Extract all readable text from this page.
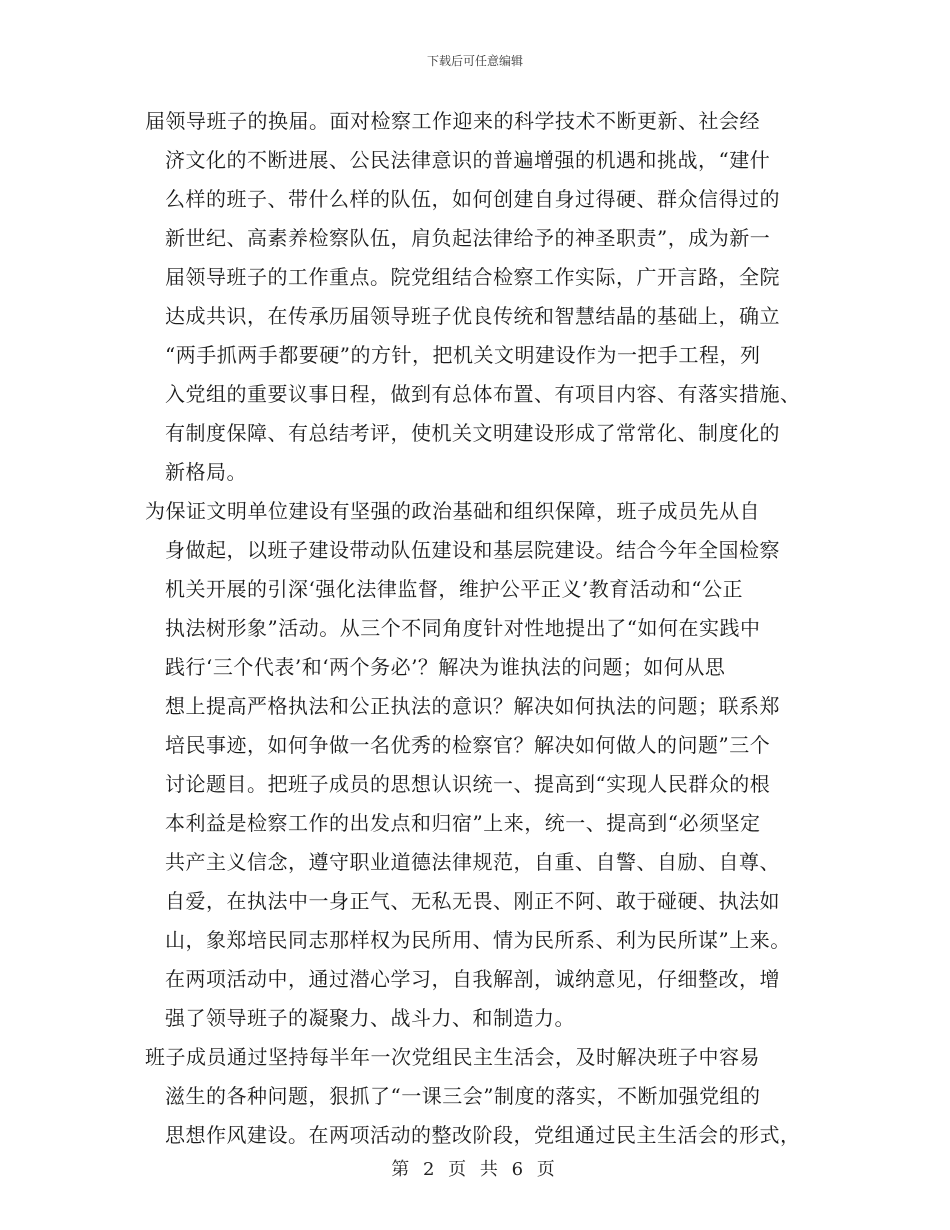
下载后可任意编辑
届领导班子的换届。面对检察工作迎来的科学技术不断更新、社会经
济文化的不断进展、公民法律意识的普遍增强的机遇和挑战，“建什
么样的班子、带什么样的队伍，如何创建自身过得硬、群众信得过的
新世纪、高素养检察队伍，肩负起法律给予的神圣职责”，成为新一
届领导班子的工作重点。院党组结合检察工作实际，广开言路，全院
达成共识，在传承历届领导班子优良传统和智慧结晶的基础上，确立
“两手抓两手都要硬”的方针，把机关文明建设作为一把手工程，列
入党组的重要议事日程，做到有总体布置、有项目内容、有落实措施、
有制度保障、有总结考评，使机关文明建设形成了常常化、制度化的
新格局。
为保证文明单位建设有坚强的政治基础和组织保障，班子成员先从自
身做起，以班子建设带动队伍建设和基层院建设。结合今年全国检察
机关开展的引深‘强化法律监督，维护公平正义’教育活动和“公正
执法树形象”活动。从三个不同角度针对性地提出了“如何在实践中
践行‘三个代表’和‘两个务必’？解决为谁执法的问题；如何从思
想上提高严格执法和公正执法的意识？解决如何执法的问题；联系郑
培民事迹，如何争做一名优秀的检察官？解决如何做人的问题”三个
讨论题目。把班子成员的思想认识统一、提高到“实现人民群众的根
本利益是检察工作的出发点和归宿”上来，统一、提高到“必须坚定
共产主义信念，遵守职业道德法律规范，自重、自警、自励、自尊、
自爱，在执法中一身正气、无私无畏、刚正不阿、敢于碰硬、执法如
山，象郑培民同志那样权为民所用、情为民所系、利为民所谋”上来。
在两项活动中，通过潜心学习，自我解剖，诚纳意见，仔细整改，增
强了领导班子的凝聚力、战斗力、和制造力。
班子成员通过坚持每半年一次党组民主生活会，及时解决班子中容易
滋生的各种问题，狠抓了“一课三会”制度的落实，不断加强党组的
思想作风建设。在两项活动的整改阶段，党组通过民主生活会的形式，
第 2 页 共 6 页
